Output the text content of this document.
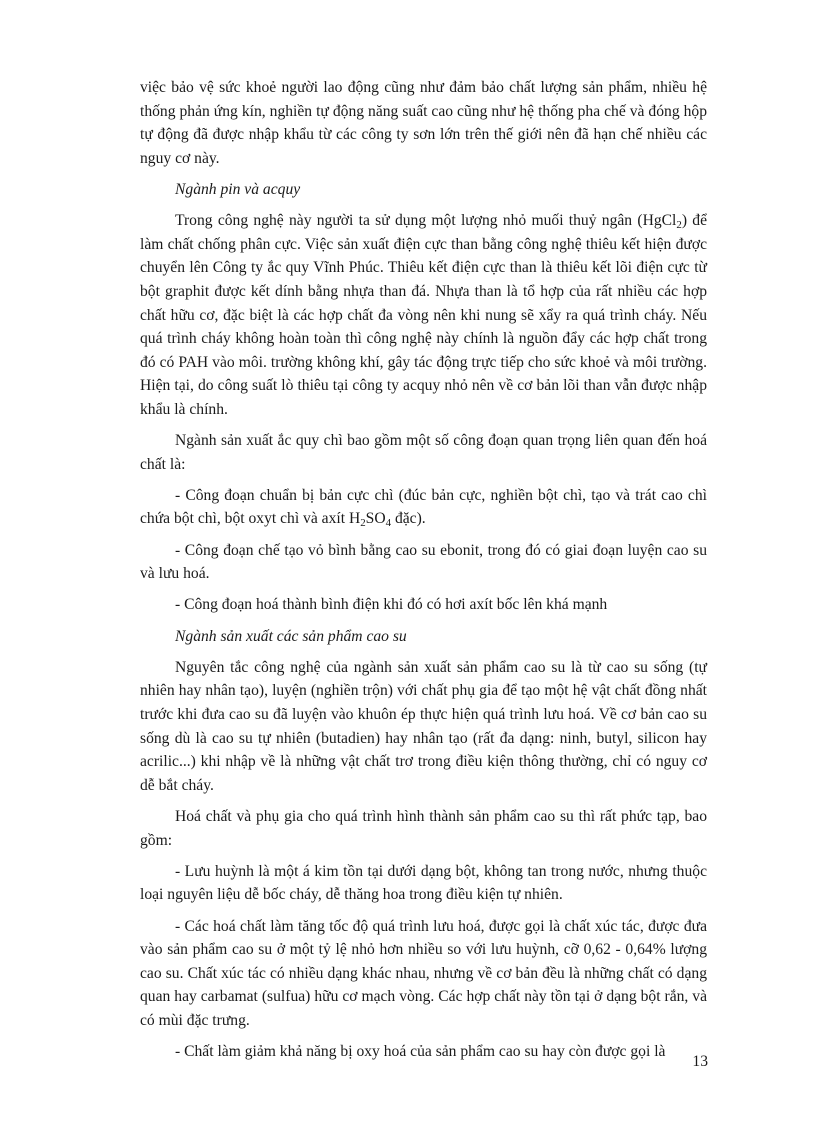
việc bảo vệ sức khoẻ người lao động cũng như đảm bảo chất lượng sản phẩm, nhiều hệ thống phản ứng kín, nghiền tự động năng suất cao cũng như hệ thống pha chế và đóng hộp tự động đã được nhập khẩu từ các công ty sơn lớn trên thế giới nên đã hạn chế nhiều các nguy cơ này.

Ngành pin và acquy

Trong công nghệ này người ta sử dụng một lượng nhỏ muối thuỷ ngân (HgCl$_2$) để làm chất chống phân cực. Việc sản xuất điện cực than bằng công nghệ thiêu kết hiện được chuyển lên Công ty ắc quy Vĩnh Phúc. Thiêu kết điện cực than là thiêu kết lõi điện cực từ bột graphit được kết dính bằng nhựa than đá. Nhựa than là tổ hợp của rất nhiều các hợp chất hữu cơ, đặc biệt là các hợp chất đa vòng nên khi nung sẽ xẩy ra quá trình cháy. Nếu quá trình cháy không hoàn toàn thì công nghệ này chính là nguồn đẩy các hợp chất trong đó có PAH vào môi. trường không khí, gây tác động trực tiếp cho sức khoẻ và môi trường. Hiện tại, do công suất lò thiêu tại công ty acquy nhỏ nên về cơ bản lõi than vẫn được nhập khẩu là chính.

Ngành sản xuất ắc quy chì bao gồm một số công đoạn quan trọng liên quan đến hoá chất là:

- Công đoạn chuẩn bị bản cực chì (đúc bản cực, nghiền bột chì, tạo và trát cao chì chứa bột chì, bột oxyt chì và axít $H_2SO_4$ đặc).

- Công đoạn chế tạo vỏ bình bằng cao su ebonit, trong đó có giai đoạn luyện cao su và lưu hoá.

- Công đoạn hoá thành bình điện khi đó có hơi axít bốc lên khá mạnh

Ngành sản xuất các sản phẩm cao su

Nguyên tắc công nghệ của ngành sản xuất sản phẩm cao su là từ cao su sống (tự nhiên hay nhân tạo), luyện (nghiền trộn) với chất phụ gia để tạo một hệ vật chất đồng nhất trước khi đưa cao su đã luyện vào khuôn ép thực hiện quá trình lưu hoá. Về cơ bản cao su sống dù là cao su tự nhiên (butadien) hay nhân tạo (rất đa dạng: ninh, butyl, silicon hay acrilic...) khi nhập về là những vật chất trơ trong điều kiện thông thường, chỉ có nguy cơ dễ bắt cháy.

Hoá chất và phụ gia cho quá trình hình thành sản phẩm cao su thì rất phức tạp, bao gồm:

- Lưu huỳnh là một á kim tồn tại dưới dạng bột, không tan trong nước, nhưng thuộc loại nguyên liệu dễ bốc cháy, dễ thăng hoa trong điều kiện tự nhiên.

- Các hoá chất làm tăng tốc độ quá trình lưu hoá, được gọi là chất xúc tác, được đưa vào sản phẩm cao su ở một tỷ lệ nhỏ hơn nhiều so với lưu huỳnh, cỡ 0,62 - 0,64% lượng cao su. Chất xúc tác có nhiều dạng khác nhau, nhưng về cơ bản đều là những chất có dạng quan hay carbamat (sulfua) hữu cơ mạch vòng. Các hợp chất này tồn tại ở dạng bột rắn, và có mùi đặc trưng.

- Chất làm giảm khả năng bị oxy hoá của sản phẩm cao su hay còn được gọi là

13
